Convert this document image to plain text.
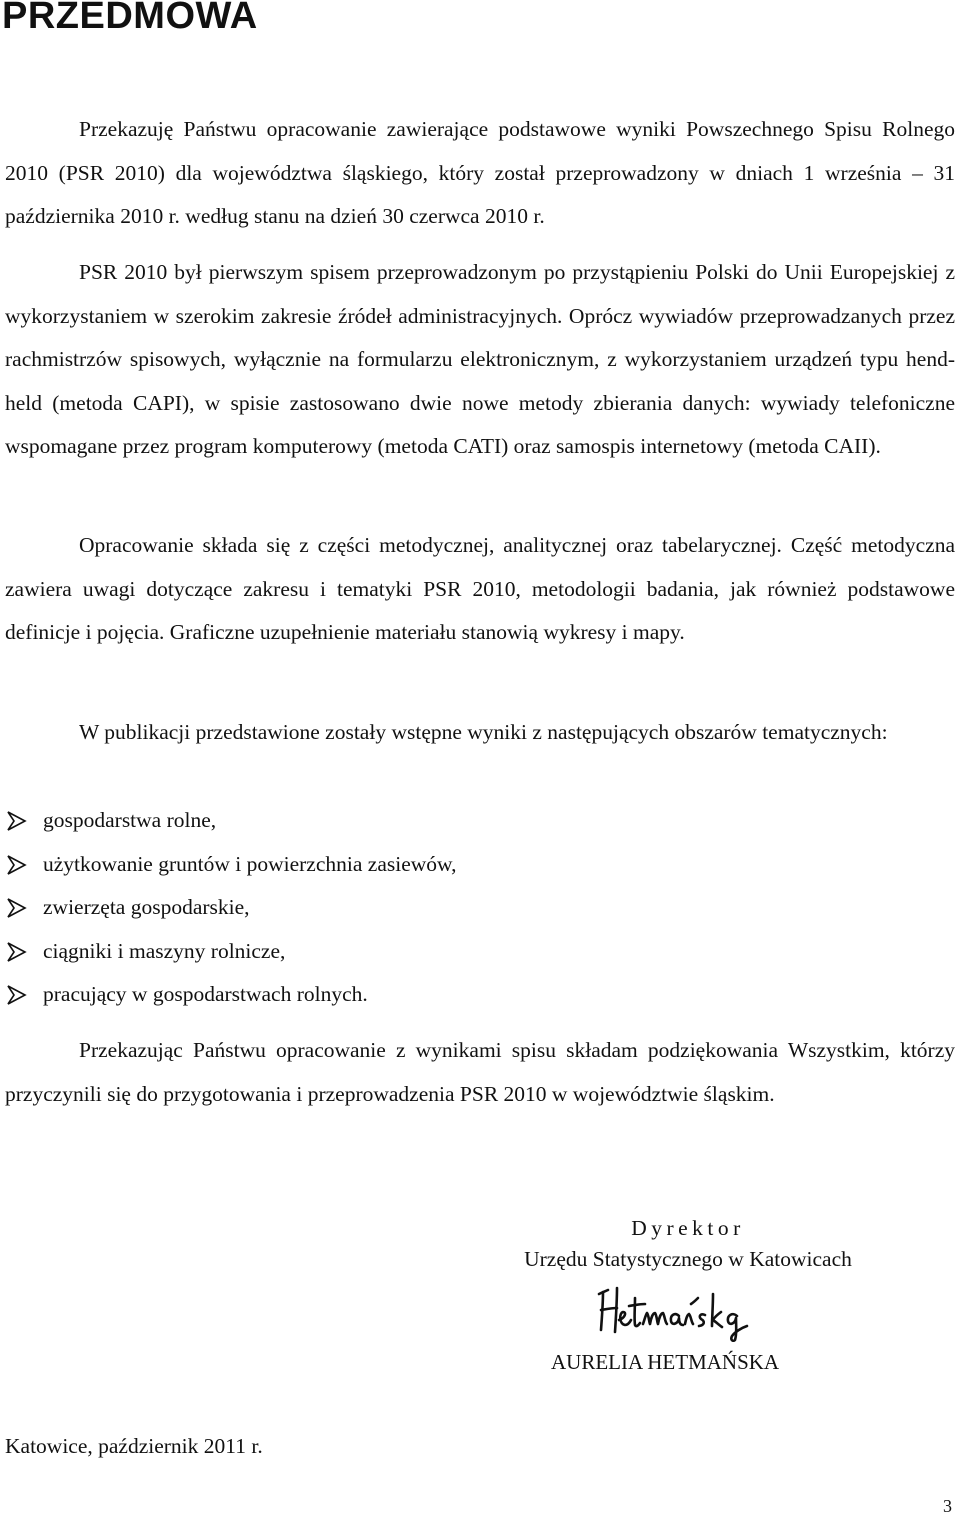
PRZEDMOWA

Przekazuję Państwu opracowanie zawierające podstawowe wyniki Powszechnego Spisu Rolnego 2010 (PSR 2010) dla województwa śląskiego, który został przeprowadzony w dniach 1 września – 31 października 2010 r. według stanu na dzień 30 czerwca 2010 r.

PSR 2010 był pierwszym spisem przeprowadzonym po przystąpieniu Polski do Unii Europejskiej z wykorzystaniem w szerokim zakresie źródeł administracyjnych. Oprócz wywiadów przeprowadzanych przez rachmistrzów spisowych, wyłącznie na formularzu elektronicznym, z wykorzystaniem urządzeń typu hend-held (metoda CAPI), w spisie zastosowano dwie nowe metody zbierania danych: wywiady telefoniczne wspomagane przez program komputerowy (metoda CATI) oraz samospis internetowy (metoda CAII).

Opracowanie składa się z części metodycznej, analitycznej oraz tabelarycznej. Część metodyczna zawiera uwagi dotyczące zakresu i tematyki PSR 2010, metodologii badania, jak również podstawowe definicje i pojęcia. Graficzne uzupełnienie materiału stanowią wykresy i mapy.

W publikacji przedstawione zostały wstępne wyniki z następujących obszarów tematycznych:

gospodarstwa rolne,
użytkowanie gruntów i powierzchnia zasiewów,
zwierzęta gospodarskie,
ciągniki i maszyny rolnicze,
pracujący w gospodarstwach rolnych.

Przekazując Państwu opracowanie z wynikami spisu składam podziękowania Wszystkim, którzy przyczynili się do przygotowania i przeprowadzenia PSR 2010 w województwie śląskim.

Dyrektor
Urzędu Statystycznego w Katowicach
AURELIA HETMAŃSKA
Katowice, październik 2011 r.
3
